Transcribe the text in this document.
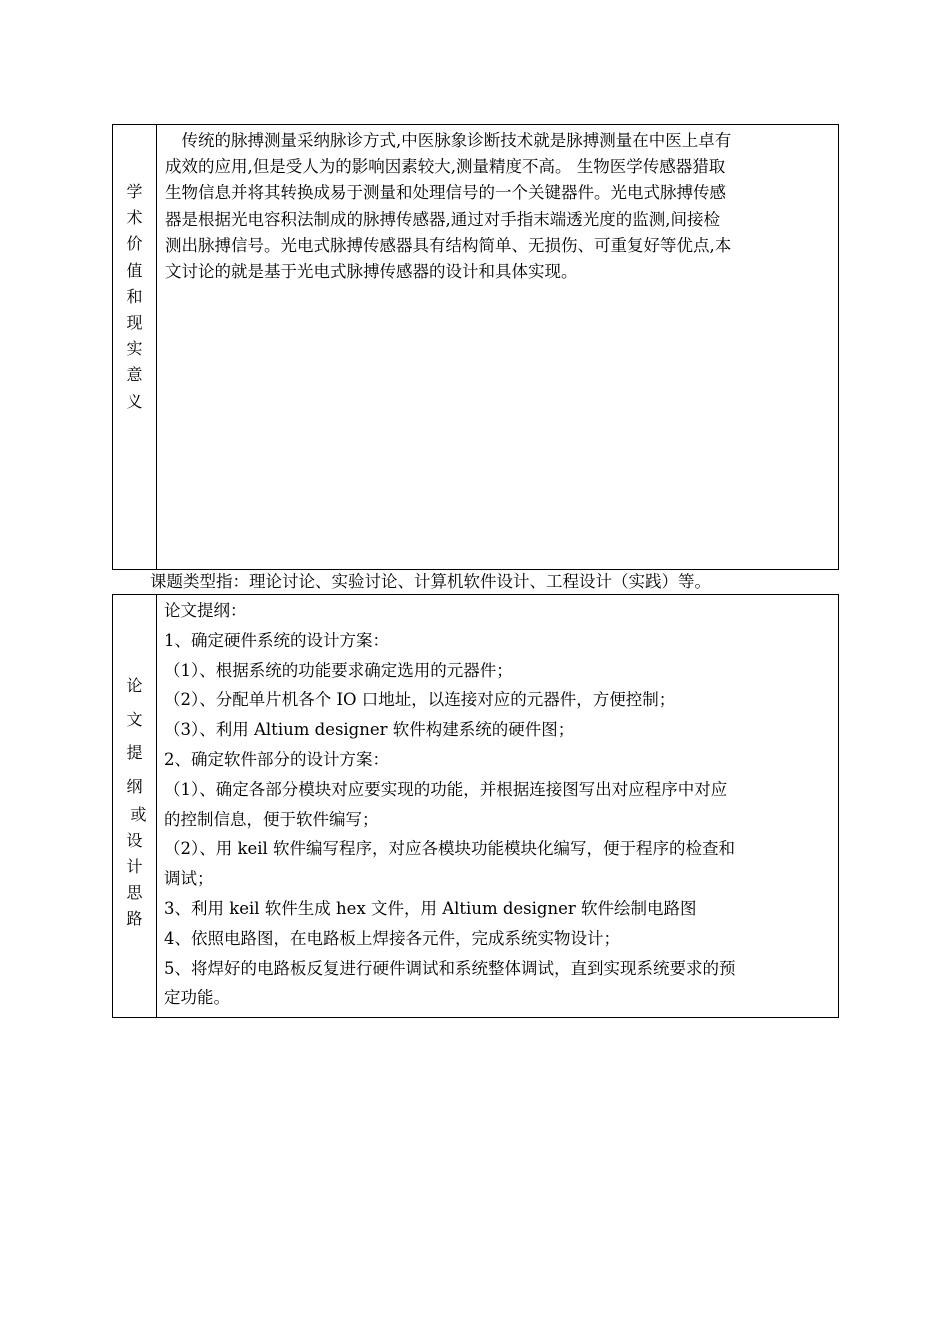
学
术
价
值
和
现
实
意
义

　传统的脉搏测量采纳脉诊方式,中医脉象诊断技术就是脉搏测量在中医上卓有

成效的应用,但是受人为的影响因素较大,测量精度不高。 生物医学传感器猎取

生物信息并将其转换成易于测量和处理信号的一个关键器件。光电式脉搏传感

器是根据光电容积法制成的脉搏传感器,通过对手指末端透光度的监测,间接检

测出脉搏信号。光电式脉搏传感器具有结构简单、无损伤、可重复好等优点,本

文讨论的就是基于光电式脉搏传感器的设计和具体实现。

课题类型指：理论讨论、实验讨论、计算机软件设计、工程设计（实践）等。
论
文
提
纲
或
设
计
思
路

论文提纲：

1、确定硬件系统的设计方案：

（1）、根据系统的功能要求确定选用的元器件；

（2）、分配单片机各个 IO 口地址，以连接对应的元器件，方便控制；

（3）、利用 Altium designer 软件构建系统的硬件图；

2、确定软件部分的设计方案：

（1）、确定各部分模块对应要实现的功能，并根据连接图写出对应程序中对应

的控制信息，便于软件编写；

（2）、用 keil 软件编写程序，对应各模块功能模块化编写，便于程序的检查和

调试；

3、利用 keil 软件生成 hex 文件，用 Altium designer 软件绘制电路图

4、依照电路图，在电路板上焊接各元件，完成系统实物设计；

5、将焊好的电路板反复进行硬件调试和系统整体调试，直到实现系统要求的预

定功能。
